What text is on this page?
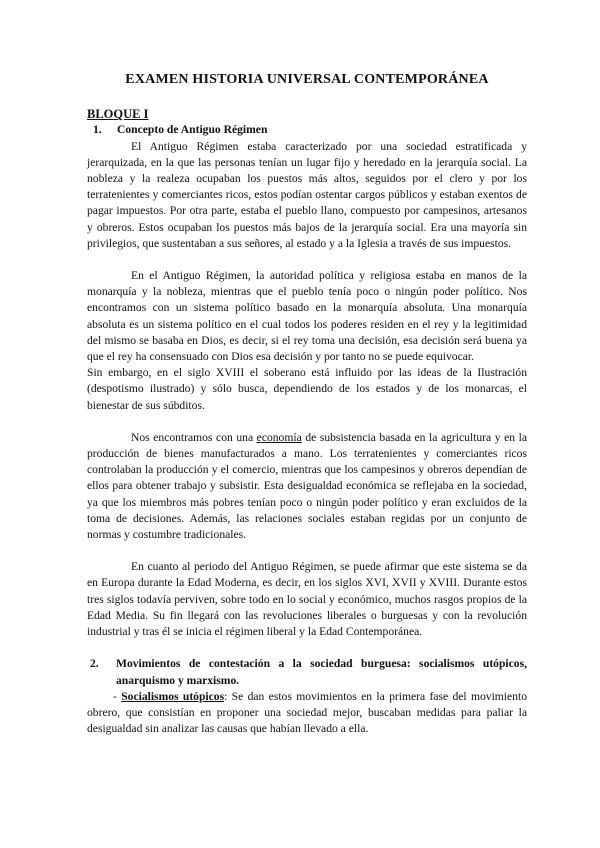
EXAMEN HISTORIA UNIVERSAL CONTEMPORÁNEA
BLOQUE I
1.	Concepto de Antiguo Régimen

El Antiguo Régimen estaba caracterizado por una sociedad estratificada y jerarquizada, en la que las personas tenían un lugar fijo y heredado en la jerarquía social. La nobleza y la realeza ocupaban los puestos más altos, seguidos por el clero y por los terratenientes y comerciantes ricos, estos podían ostentar cargos públicos y estaban exentos de pagar impuestos. Por otra parte, estaba el pueblo llano, compuesto por campesinos, artesanos y obreros. Estos ocupaban los puestos más bajos de la jerarquía social. Era una mayoría sin privilegios, que sustentaban a sus señores, al estado y a la Iglesia a través de sus impuestos.

En el Antiguo Régimen, la autoridad política y religiosa estaba en manos de la monarquía y la nobleza, mientras que el pueblo tenía poco o ningún poder político. Nos encontramos con un sistema político basado en la monarquía absoluta. Una monarquía absoluta es un sistema político en el cual todos los poderes residen en el rey y la legitimidad del mismo se basaba en Dios, es decir, si el rey toma una decisión, esa decisión será buena ya que el rey ha consensuado con Dios esa decisión y por tanto no se puede equivocar.

Sin embargo, en el siglo XVIII el soberano está influido por las ideas de la Ilustración (despotismo ilustrado) y sólo busca, dependiendo de los estados y de los monarcas, el bienestar de sus súbditos.

Nos encontramos con una economía de subsistencia basada en la agricultura y en la producción de bienes manufacturados a mano. Los terratenientes y comerciantes ricos controlaban la producción y el comercio, mientras que los campesinos y obreros dependían de ellos para obtener trabajo y subsistir. Esta desigualdad económica se reflejaba en la sociedad, ya que los miembros más pobres tenían poco o ningún poder político y eran excluidos de la toma de decisiones. Además, las relaciones sociales estaban regidas por un conjunto de normas y costumbre tradicionales.

En cuanto al periodo del Antiguo Régimen, se puede afirmar que este sistema se da en Europa durante la Edad Moderna, es decir, en los siglos XVI, XVII y XVIII. Durante estos tres siglos todavía perviven, sobre todo en lo social y económico, muchos rasgos propios de la Edad Media. Su fin llegará con las revoluciones liberales o burguesas y con la revolución industrial y tras él se inicia el régimen liberal y la Edad Contemporánea.

2.	Movimientos de contestación a la sociedad burguesa: socialismos utópicos, anarquismo y marxismo.

- Socialismos utópicos: Se dan estos movimientos en la primera fase del movimiento obrero, que consistían en proponer una sociedad mejor, buscaban medidas para paliar la desigualdad sin analizar las causas que habían llevado a ella.
